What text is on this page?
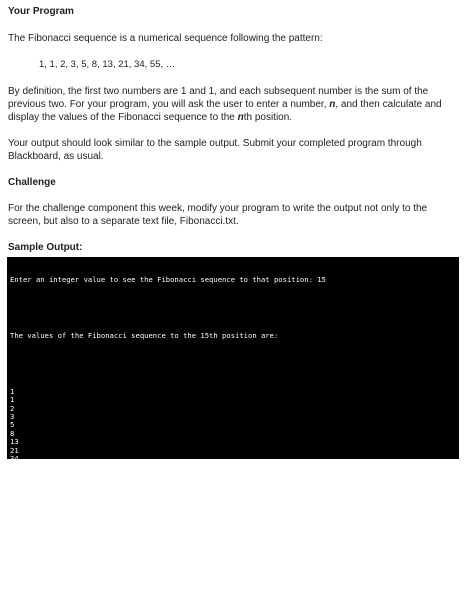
Your Program

The Fibonacci sequence is a numerical sequence following the pattern:

1, 1, 2, 3, 5, 8, 13, 21, 34, 55, …

By definition, the first two numbers are 1 and 1, and each subsequent number is the sum of the previous two. For your program, you will ask the user to enter a number, n, and then calculate and display the values of the Fibonacci sequence to the nth position.

Your output should look similar to the sample output. Submit your completed program through Blackboard, as usual.

Challenge

For the challenge component this week, modify your program to write the output not only to the screen, but also to a separate text file, Fibonacci.txt.

Sample Output:

Enter an integer value to see the Fibonacci sequence to that position: 15

The values of the Fibonacci sequence to the 15th position are:

1
1
2
3
5
8
13
21
34
55
89
144
233
377
610

Press any key to continue . . .
